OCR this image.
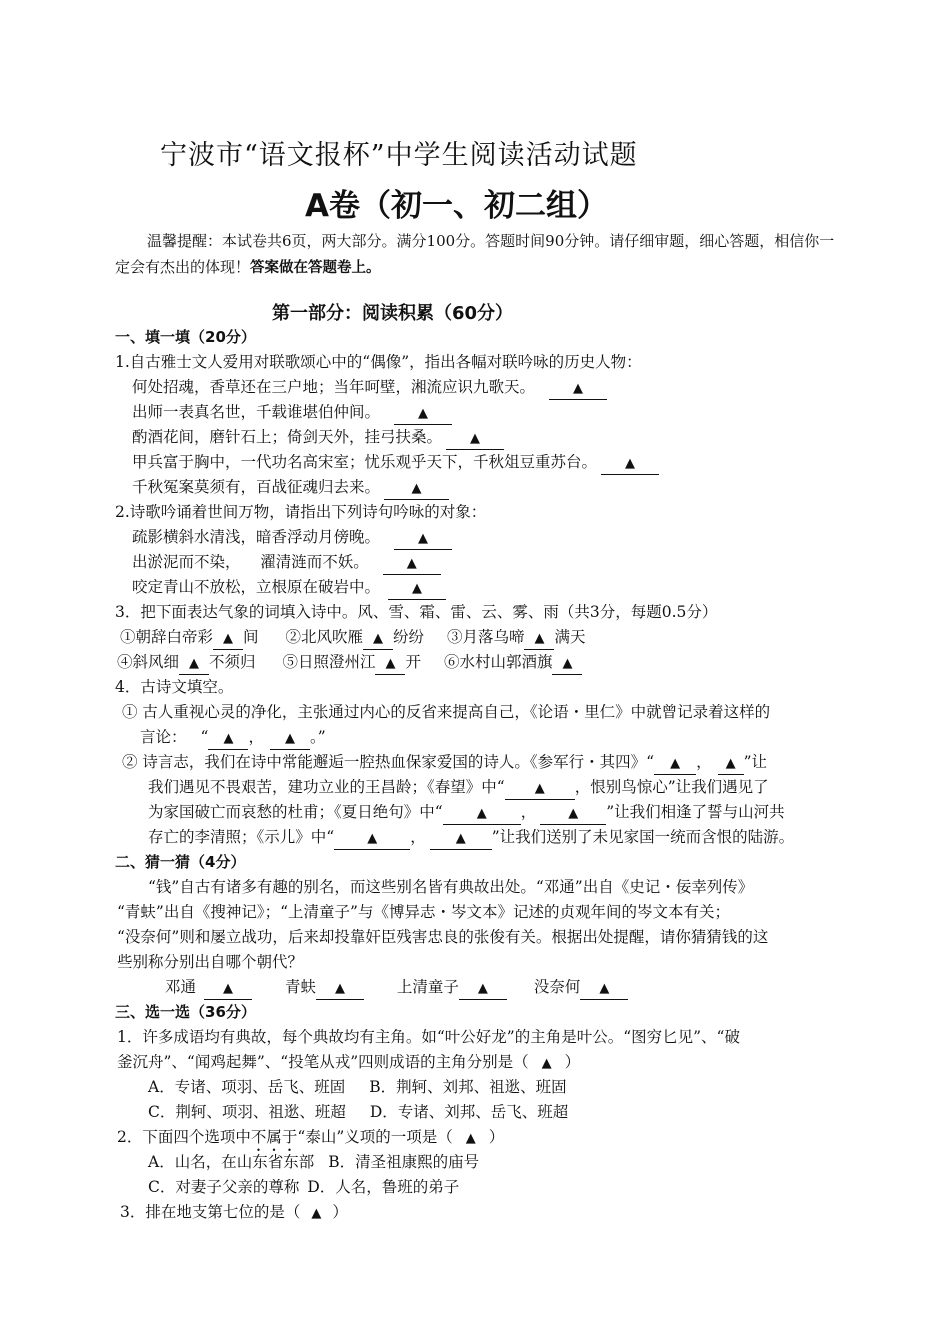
宁波市“语文报杯”中学生阅读活动试题
A卷（初一、初二组）
温馨提醒：本试卷共6页，两大部分。满分100分。答题时间90分钟。请仔细审题，细心答题，相信你一定会有杰出的体现！答案做在答题卷上。
第一部分：阅读积累（60分）
一、填一填（20分）
1.自古雅士文人爱用对联歌颂心中的“偶像”，指出各幅对联吟咏的历史人物：
何处招魂，香草还在三户地；当年呵壁，湘流应识九歌天。	▲
出师一表真名世，千载谁堪伯仲间。	▲
酌酒花间，磨针石上；倚剑天外，挂弓扶桑。 ▲
甲兵富于胸中，一代功名高宋室；忧乐观乎天下，千秋俎豆重苏台。 ▲
千秋冤案莫须有，百战征魂归去来。 ▲
2.诗歌吟诵着世间万物，请指出下列诗句吟咏的对象：
疏影横斜水清浅，暗香浮动月傍晚。	▲
出淤泥而不染，    濯清涟而不妖。	▲
咬定青山不放松，立根原在破岩中。 ▲
3．把下面表达气象的词填入诗中。风、雪、霜、雷、云、雾、雨（共3分，每题0.5分）
①朝辞白帝彩 ▲ 间 ②北风吹雁 ▲ 纷纷 ③月落乌啼 ▲ 满天
④斜风细 ▲ 不须归 ⑤日照澄州江 ▲ 开 ⑥水村山郭酒旗 ▲
4．古诗文填空。
① 古人重视心灵的净化，主张通过内心的反省来提高自己，《论语・里仁》中就曾记录着这样的
言论： “ ▲ ， ▲ 。”
② 诗言志，我们在诗中常能邂逅一腔热血保家爱国的诗人。《参军行・其四》“ ▲ ， ▲ ”让
我们遇见不畏艰苦，建功立业的王昌龄；《春望》中“ ▲ ，恨别鸟惊心”让我们遇见了
为家国破亡而哀愁的杜甫；《夏日绝句》中“	▲ ， ▲ ”让我们相逢了誓与山河共
存亡的李清照；《示儿》中“	▲ ， ▲ ”让我们送别了未见家国一统而含恨的陆游。
二、猜一猜（4分）
“钱”自古有诸多有趣的别名，而这些别名皆有典故出处。“邓通”出自《史记・佞幸列传》
“青蚨”出自《搜神记》；“上清童子”与《博异志・岑文本》记述的贞观年间的岑文本有关；
“没奈何”则和屡立战功，后来却投靠奸臣残害忠良的张俊有关。根据出处提醒，请你猜猜钱的这
些别称分别出自哪个朝代？
邓通 ▲	青蚨 ▲	上清童子 ▲	没奈何 ▲
三、选一选（36分）
1．许多成语均有典故，每个典故均有主角。如“叶公好龙”的主角是叶公。“图穷匕见”、“破
釜沉舟”、“闻鸡起舞”、“投笔从戎”四则成语的主角分别是（ ▲ ）
A．专诸、项羽、岳飞、班固 B．荆轲、刘邦、祖逖、班固
C．荆轲、项羽、祖逖、班超 D．专诸、刘邦、岳飞、班超
2．下面四个选项中不属于“泰山”义项的一项是（ ▲ ）
A．山名，在山东省东部 B．清圣祖康熙的庙号
C．对妻子父亲的尊称 D．人名，鲁班的弟子
3．排在地支第七位的是（ ▲ ）
